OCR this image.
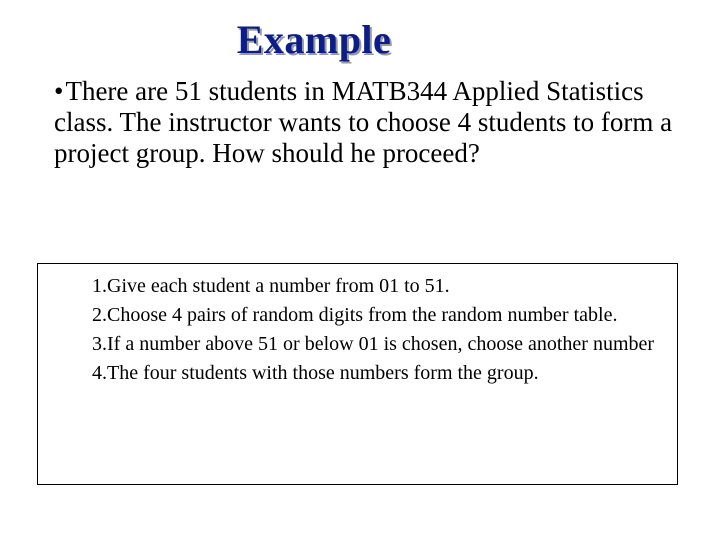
Example

•There are 51 students in MATB344 Applied Statistics class. The instructor wants to choose 4 students to form a project group. How should he proceed?

1.Give each student a number from 01 to 51.
2.Choose 4 pairs of random digits from the random number table.
3.If a number above 51 or below 01 is chosen, choose another number
4.The four students with those numbers form the group.
